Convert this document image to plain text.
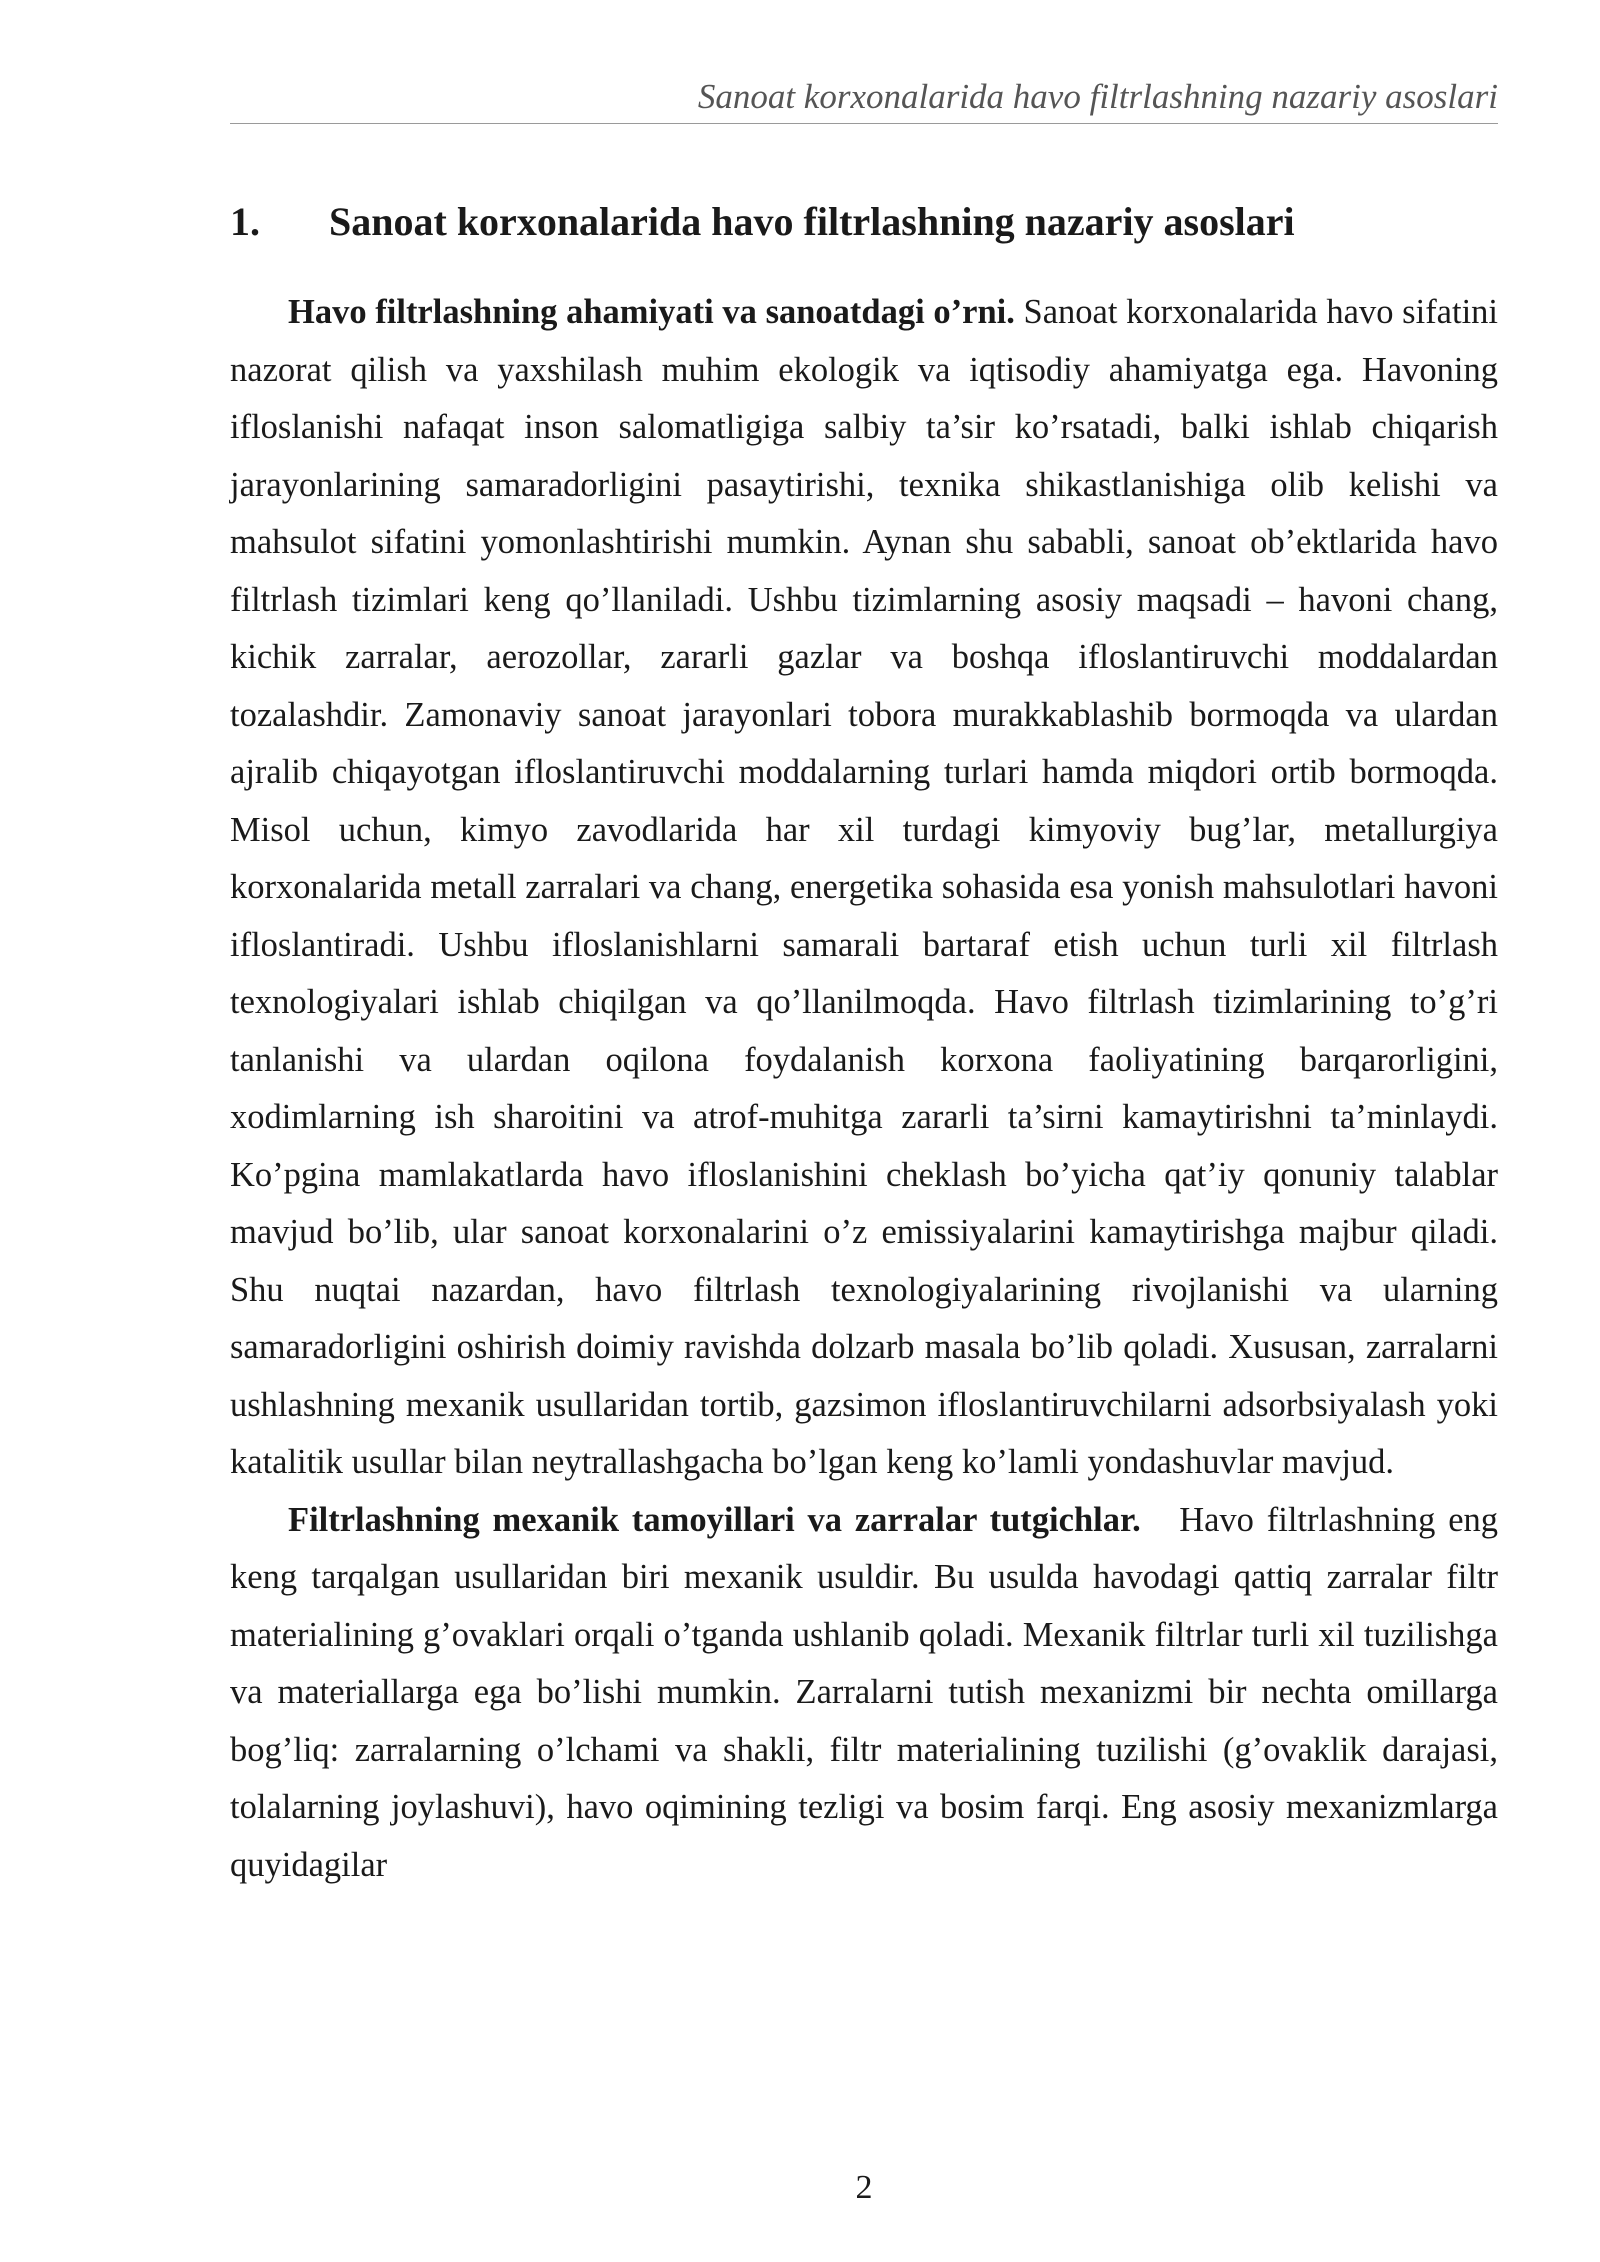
Sanoat korxonalarida havo filtrlashning nazariy asoslari
1. Sanoat korxonalarida havo filtrlashning nazariy asoslari

Havo filtrlashning ahamiyati va sanoatdagi o’rni. Sanoat korxonalarida havo sifatini nazorat qilish va yaxshilash muhim ekologik va iqtisodiy ahamiyatga ega. Havoning ifloslanishi nafaqat inson salomatligiga salbiy ta’sir ko’rsatadi, balki ishlab chiqarish jarayonlarining samaradorligini pasaytirishi, texnika shikastlanishiga olib kelishi va mahsulot sifatini yomonlashtirishi mumkin. Aynan shu sababli, sanoat ob’ektlarida havo filtrlash tizimlari keng qo’llaniladi. Ushbu tizimlarning asosiy maqsadi – havoni chang, kichik zarralar, aerozollar, zararli gazlar va boshqa ifloslantiruvchi moddalardan tozalashdir. Zamonaviy sanoat jarayonlari tobora murakkablashib bormoqda va ulardan ajralib chiqayotgan ifloslantiruvchi moddalarning turlari hamda miqdori ortib bormoqda. Misol uchun, kimyo zavodlarida har xil turdagi kimyoviy bug’lar, metallurgiya korxonalarida metall zarralari va chang, energetika sohasida esa yonish mahsulotlari havoni ifloslantiradi. Ushbu ifloslanishlarni samarali bartaraf etish uchun turli xil filtrlash texnologiyalari ishlab chiqilgan va qo’llanilmoqda. Havo filtrlash tizimlarining to’g’ri tanlanishi va ulardan oqilona foydalanish korxona faoliyatining barqarorligini, xodimlarning ish sharoitini va atrof-muhitga zararli ta’sirni kamaytirishni ta’minlaydi. Ko’pgina mamlakatlarda havo ifloslanishini cheklash bo’yicha qat’iy qonuniy talablar mavjud bo’lib, ular sanoat korxonalarini o’z emissiyalarini kamaytirishga majbur qiladi. Shu nuqtai nazardan, havo filtrlash texnologiyalarining rivojlanishi va ularning samaradorligini oshirish doimiy ravishda dolzarb masala bo’lib qoladi. Xususan, zarralarni ushlashning mexanik usullaridan tortib, gazsimon ifloslantiruvchilarni adsorbsiyalash yoki katalitik usullar bilan neytrallashgacha bo’lgan keng ko’lamli yondashuvlar mavjud.

Filtrlashning mexanik tamoyillari va zarralar tutgichlar. Havo filtrlashning eng keng tarqalgan usullaridan biri mexanik usuldir. Bu usulda havodagi qattiq zarralar filtr materialining g’ovaklari orqali o’tganda ushlanib qoladi. Mexanik filtrlar turli xil tuzilishga va materiallarga ega bo’lishi mumkin. Zarralarni tutish mexanizmi bir nechta omillarga bog’liq: zarralarning o’lchami va shakli, filtr materialining tuzilishi (g’ovaklik darajasi, tolalarning joylashuvi), havo oqimining tezligi va bosim farqi. Eng asosiy mexanizmlarga quyidagilar

2
